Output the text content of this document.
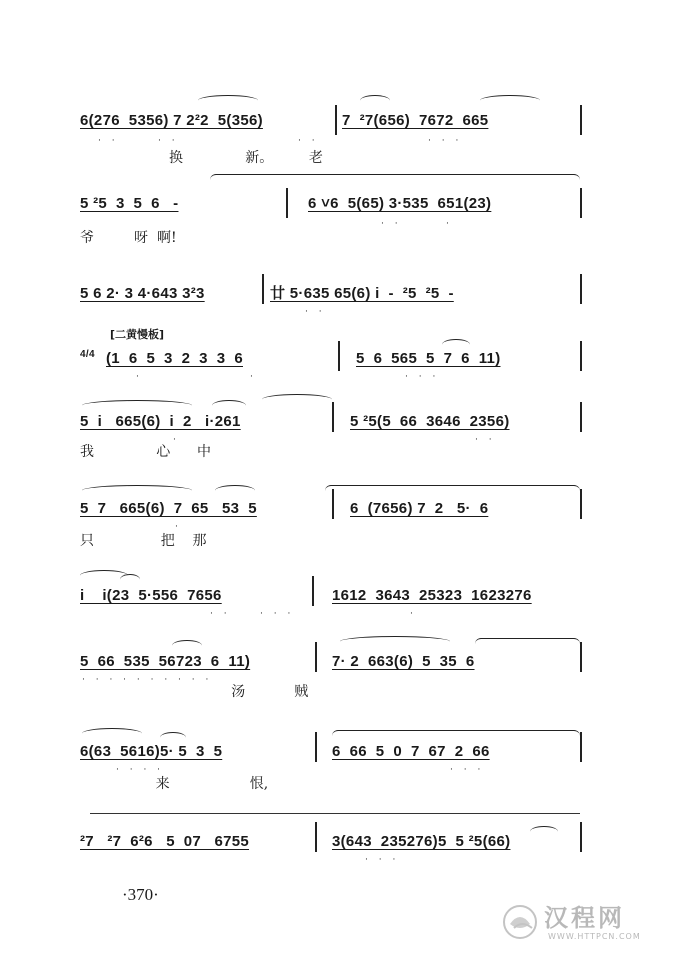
6(276  5356) 7 2²2  5(356)	7  ²7(656)  7672  665
· ·	· ·	· ·	· · ·
换              新。        老
5 ²5  3  5  6   -	6 ˅6  5(65) 3·535  651(23)
· ·	·
爷         呀  啊!
5 6 2· 3 4·643 3²3	廿 5·635 65(6) i  -  ²5  ²5  -
· ·
[二黄慢板]
4/4 (1  6  5  3  2  3  3  6	5  6  565  5  7  6  11)
·	·	· · ·
5  i   665(6)  i  2   i·261	5 ²5(5  66  3646  2356)
·	· ·
我              心      中
5  7   665(6)  7  65   53  5	6  (7656) 7  2   5·  6
·
只               把    那
i    i(23  5·556  7656	1612  3643  25323  1623276
· ·	· · ·	·
5  66  535  56723  6  11)	7· 2  663(6)  5  35  6
· · · · · · · · · ·
汤           贼
6(63  5616)5· 5  3  5	6  66  5  0  7  67  2  66
· · · ·	· · ·
来                  恨,
²7   ²7  6²6   5  07   6755	3(643  235276)5  5 ²5(66)
· · ·
·370·
汉程网
WWW.HTTPCN.COM
